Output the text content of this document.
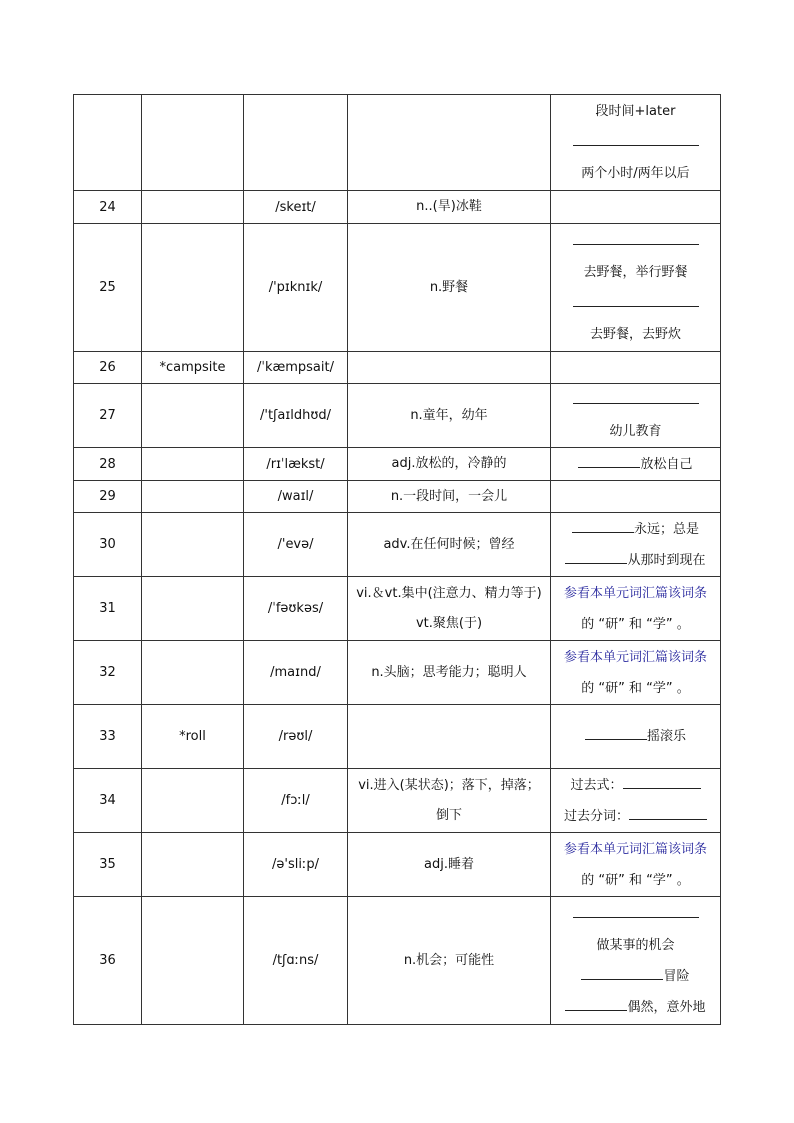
				段时间+later
两个小时/两年以后

24		/skeɪt/	n..(旱)冰鞋	

25		/'pɪknɪk/	n.野餐	去野餐，举行野餐
去野餐，去野炊

26	*campsite	/ˈkæmpsait/		
27		/'tʃaɪldhʊd/	n.童年，幼年	幼儿教育

28		/rɪˈlækst/	adj.放松的，冷静的	放松自己

29		/waɪl/	n.一段时间，一会儿	

30		/'evə/	adv.在任何时候；曾经	永远；总是
从那时到现在

31		/ˈfəʊkəs/	vi.＆vt.集中(注意力、精力等于)
vt.聚焦(于)	参看本单元词汇篇该词条
的 “研” 和 “学” 。

32		/maɪnd/	n.头脑；思考能力；聪明人	参看本单元词汇篇该词条
的 “研” 和 “学” 。

33	*roll	/rəʊl/		摇滚乐

34		/fɔːl/	vi.进入(某状态)；落下，掉落；
倒下	过去式：
过去分词：

35		/ə'sliːp/	adj.睡着	参看本单元词汇篇该词条
的 “研” 和 “学” 。

36		/tʃɑːns/	n.机会；可能性	做某事的机会
冒险
偶然，意外地
